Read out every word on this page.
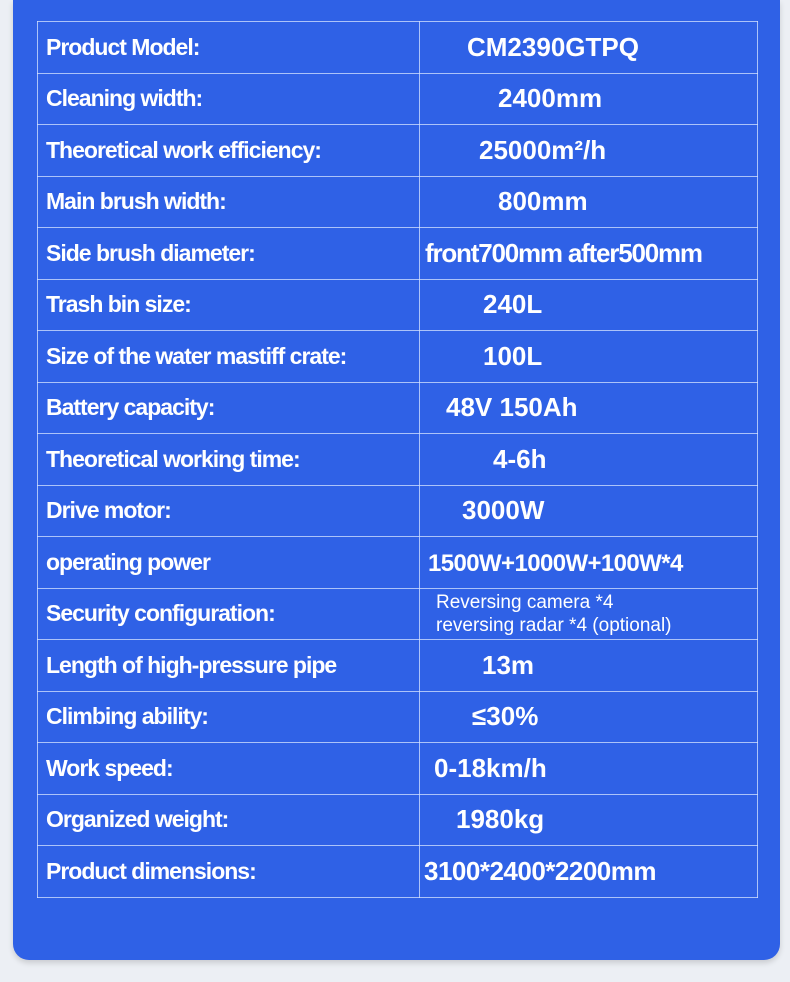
Product Model:	CM2390GTPQ
Cleaning width:	2400mm
Theoretical work efficiency:	25000m²/h
Main brush width:	800mm
Side brush diameter:	front700mm after500mm
Trash bin size:	240L
Size of the water mastiff crate:	100L
Battery capacity:	48V 150Ah
Theoretical working time:	4-6h
Drive motor:	3000W
operating power	1500W+1000W+100W*4
Security configuration:	Reversing camera *4
reversing radar *4 (optional)

Length of high-pressure pipe	13m
Climbing ability:	≤30%
Work speed:	0-18km/h
Organized weight:	1980kg
Product dimensions:	3100*2400*2200mm
